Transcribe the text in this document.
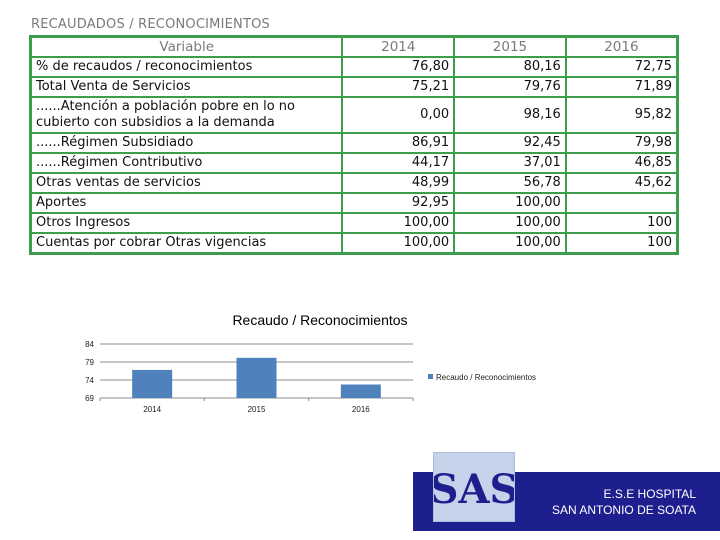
RECAUDADOS / RECONOCIMIENTOS
Variable	2014	2015	2016
% de recaudos / reconocimientos	76,80	80,16	72,75
Total Venta de Servicios	75,21	79,76	71,89
......Atención a población pobre en lo no cubierto con subsidios a la demanda	0,00	98,16	95,82
......Régimen Subsidiado	86,91	92,45	79,98
......Régimen Contributivo	44,17	37,01	46,85
Otras ventas de servicios	48,99	56,78	45,62
Aportes	92,95	100,00	
Otros Ingresos	100,00	100,00	100
Cuentas por cobrar Otras vigencias	100,00	100,00	100
Recaudo / Reconocimientos
84
79
74
69
2014	2015	2016
Recaudo / Reconocimientos
SAS	E.S.E HOSPITAL
SAN ANTONIO DE SOATA
